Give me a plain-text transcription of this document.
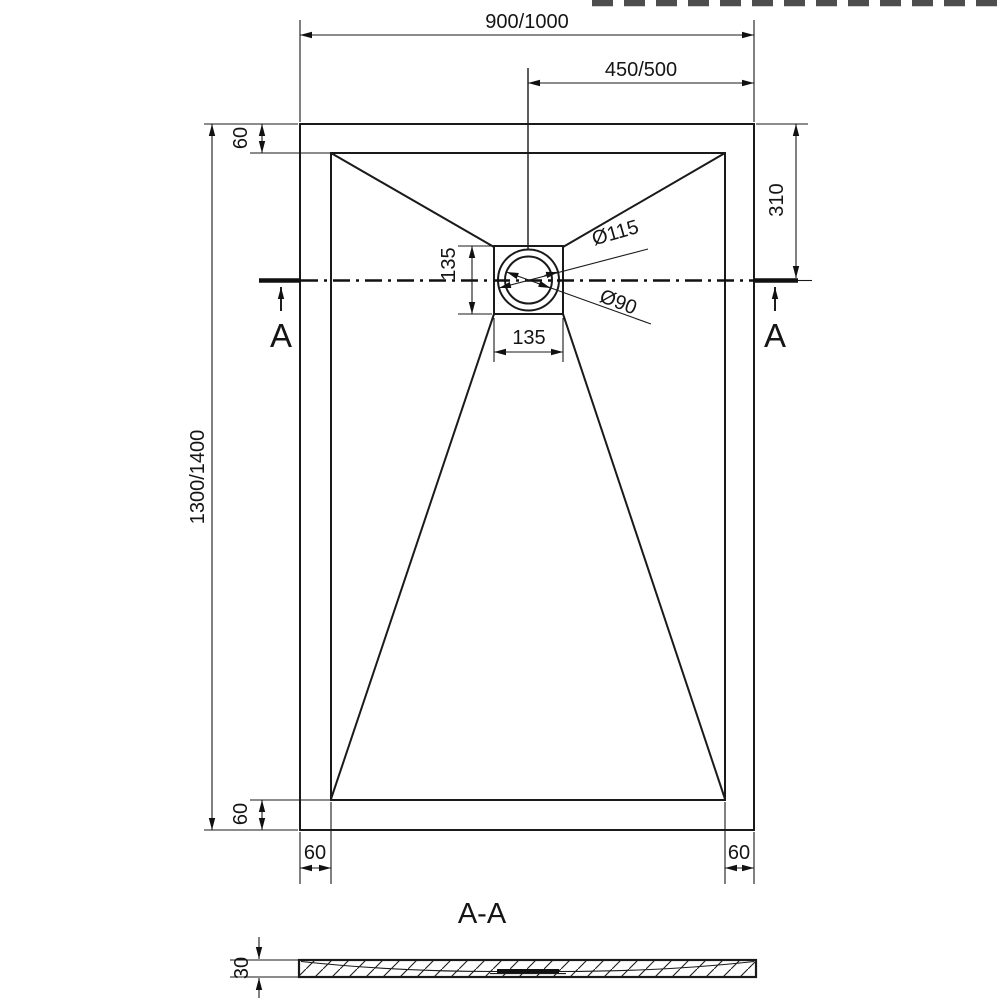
A	A
900/1000
450/500
1300/1400
60
310
135
135
Ø115
Ø90
60
60	60
A-A
30
